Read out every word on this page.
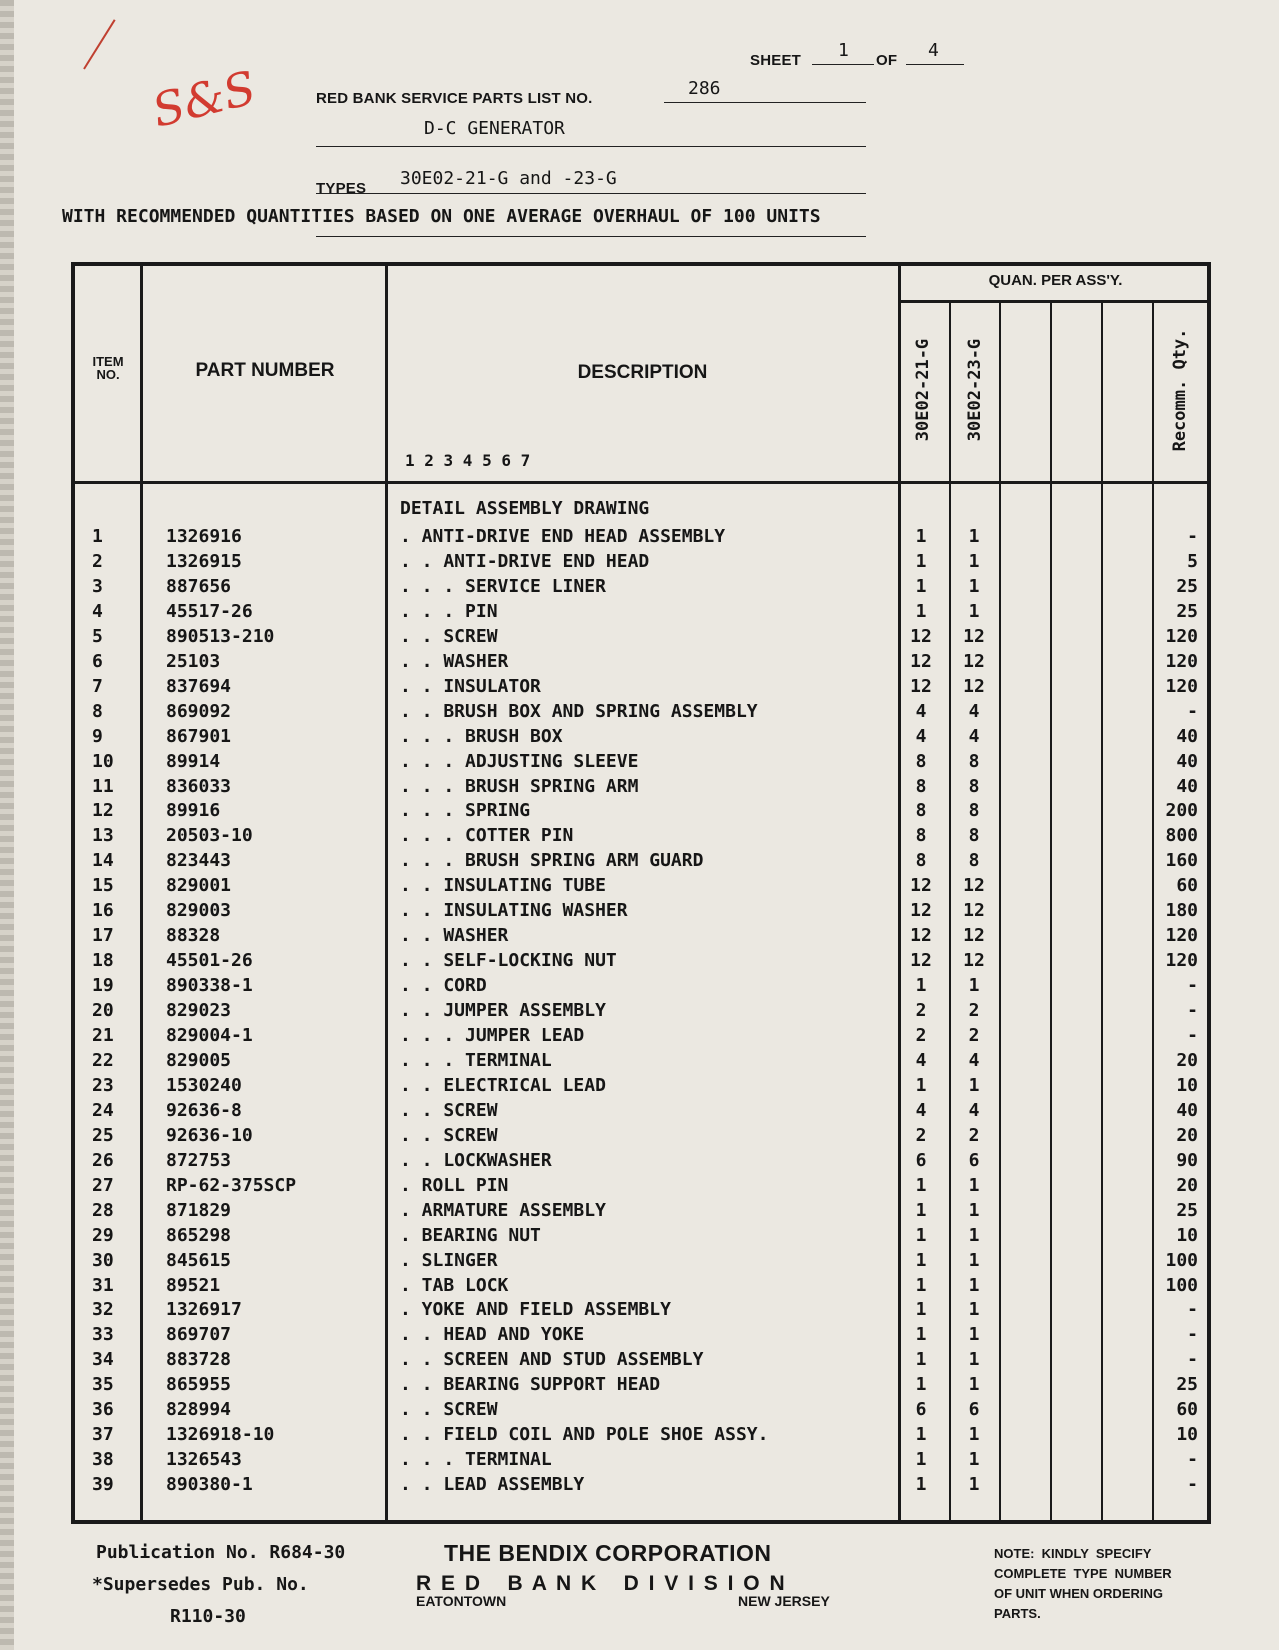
S&S	SHEET 1 OF 4
RED BANK SERVICE PARTS LIST NO.	286
D-C GENERATOR
TYPES 30E02-21-G and -23-G
WITH RECOMMENDED QUANTITIES BASED ON ONE AVERAGE OVERHAUL OF 100 UNITS
ITEM NO.	PART NUMBER	DESCRIPTION
1 2 3 4 5 6 7
QUAN. PER ASS'Y.
30E02-21-G 30E02-23-G	Recomm. Qty.
DETAIL ASSEMBLY DRAWING
1	1326916	. ANTI-DRIVE END HEAD ASSEMBLY	1	1	-
2	1326915	. . ANTI-DRIVE END HEAD	1	1	5
3	887656	. . . SERVICE LINER	1	1	25
4	45517-26	. . . PIN	1	1	25
5	890513-210	. . SCREW	12	12	120
6	25103	. . WASHER	12	12	120
7	837694	. . INSULATOR	12	12	120
8	869092	. . BRUSH BOX AND SPRING ASSEMBLY	4	4	-
9	867901	. . . BRUSH BOX	4	4	40
10	89914	. . . ADJUSTING SLEEVE	8	8	40
11	836033	. . . BRUSH SPRING ARM	8	8	40
12	89916	. . . SPRING	8	8	200
13	20503-10	. . . COTTER PIN	8	8	800
14	823443	. . . BRUSH SPRING ARM GUARD	8	8	160
15	829001	. . INSULATING TUBE	12	12	60
16	829003	. . INSULATING WASHER	12	12	180
17	88328	. . WASHER	12	12	120
18	45501-26	. . SELF-LOCKING NUT	12	12	120
19	890338-1	. . CORD	1	1	-
20	829023	. . JUMPER ASSEMBLY	2	2	-
21	829004-1	. . . JUMPER LEAD	2	2	-
22	829005	. . . TERMINAL	4	4	20
23	1530240	. . ELECTRICAL LEAD	1	1	10
24	92636-8	. . SCREW	4	4	40
25	92636-10	. . SCREW	2	2	20
26	872753	. . LOCKWASHER	6	6	90
27	RP-62-375SCP	. ROLL PIN	1	1	20
28	871829	. ARMATURE ASSEMBLY	1	1	25
29	865298	. BEARING NUT	1	1	10
30	845615	. SLINGER	1	1	100
31	89521	. TAB LOCK	1	1	100
32	1326917	. YOKE AND FIELD ASSEMBLY	1	1	-
33	869707	. . HEAD AND YOKE	1	1	-
34	883728	. . SCREEN AND STUD ASSEMBLY	1	1	-
35	865955	. . BEARING SUPPORT HEAD	1	1	25
36	828994	. . SCREW	6	6	60
37	1326918-10	. . FIELD COIL AND POLE SHOE ASSY.	1	1	10
38	1326543	. . . TERMINAL	1	1	-
39	890380-1	. . LEAD ASSEMBLY	1	1	-
Publication No. R684-30
*Supersedes Pub. No.
R110-30
THE BENDIX CORPORATION
R E D   B A N K   D I V I S I O N
EATONTOWN	NEW JERSEY
NOTE:  KINDLY  SPECIFY
COMPLETE  TYPE  NUMBER
OF UNIT WHEN ORDERING
PARTS.
